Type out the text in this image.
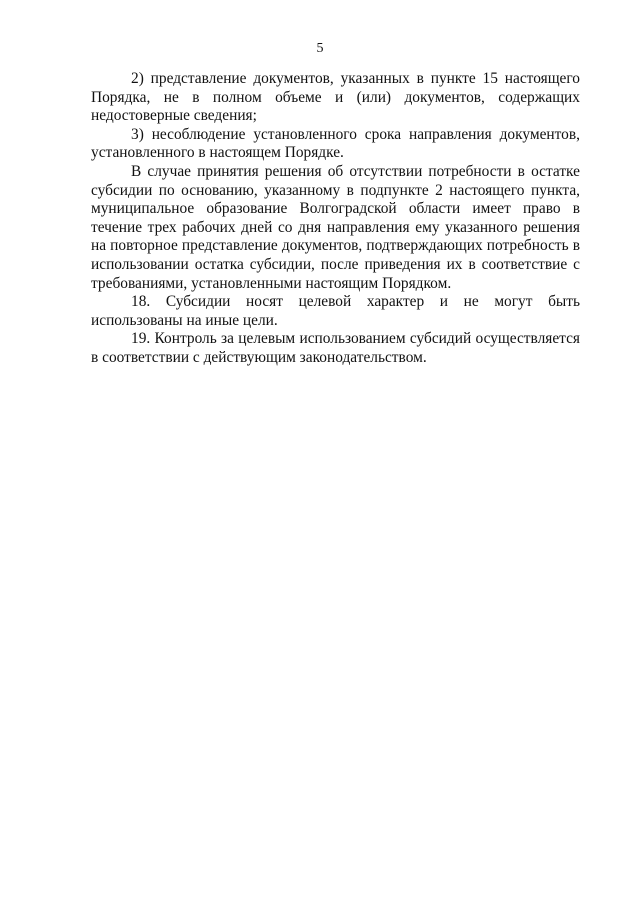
5

2) представление документов, указанных в пункте 15 настоящего Порядка, не в полном объеме и (или) документов, содержащих недостоверные сведения;

3) несоблюдение установленного срока направления документов, установленного в настоящем Порядке.

В случае принятия решения об отсутствии потребности в остатке субсидии по основанию, указанному в подпункте 2 настоящего пункта, муниципальное образование Волгоградской области имеет право в течение трех рабочих дней со дня направления ему указанного решения на повторное представление документов, подтверждающих потребность в использовании остатка субсидии, после приведения их в соответствие с требованиями, установленными настоящим Порядком.

18. Субсидии носят целевой характер и не могут быть использованы на иные цели.

19. Контроль за целевым использованием субсидий осуществляется в соответствии с действующим законодательством.
